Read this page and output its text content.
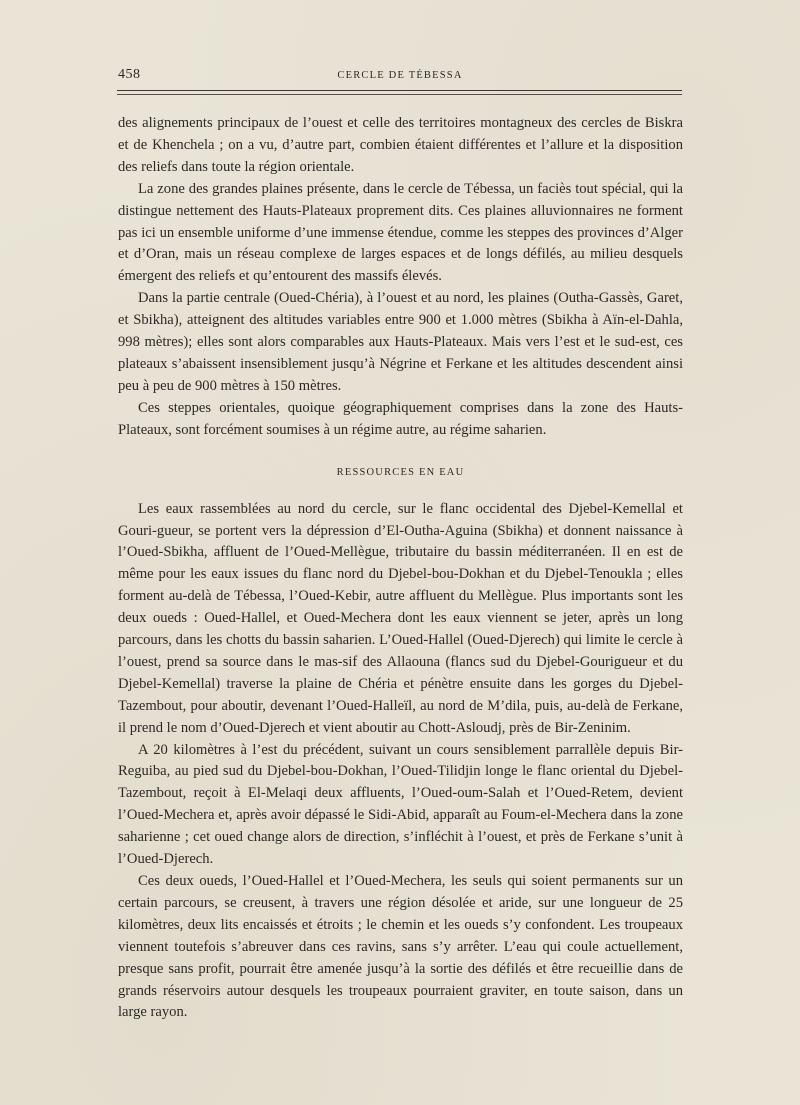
458	CERCLE DE TÉBESSA

des alignements principaux de l’ouest et celle des territoires montagneux des cercles de Biskra et de Khenchela ; on a vu, d’autre part, combien étaient différentes et l’allure et la disposition des reliefs dans toute la région orientale.

La zone des grandes plaines présente, dans le cercle de Tébessa, un faciès tout spécial, qui la distingue nettement des Hauts-Plateaux proprement dits. Ces plaines alluvionnaires ne forment pas ici un ensemble uniforme d’une immense étendue, comme les steppes des provinces d’Alger et d’Oran, mais un réseau complexe de larges espaces et de longs défilés, au milieu desquels émergent des reliefs et qu’entourent des massifs élevés.

Dans la partie centrale (Oued-Chéria), à l’ouest et au nord, les plaines (Outha-Gassès, Garet, et Sbikha), atteignent des altitudes variables entre 900 et 1.000 mètres (Sbikha à Aïn-el-Dahla, 998 mètres); elles sont alors comparables aux Hauts-Plateaux. Mais vers l’est et le sud-est, ces plateaux s’abaissent insensiblement jusqu’à Négrine et Ferkane et les altitudes descendent ainsi peu à peu de 900 mètres à 150 mètres.

Ces steppes orientales, quoique géographiquement comprises dans la zone des Hauts-Plateaux, sont forcément soumises à un régime autre, au régime saharien.

RESSOURCES EN EAU

Les eaux rassemblées au nord du cercle, sur le flanc occidental des Djebel-Kemellal et Gouri-gueur, se portent vers la dépression d’El-Outha-Aguina (Sbikha) et donnent naissance à l’Oued-Sbikha, affluent de l’Oued-Mellègue, tributaire du bassin méditerranéen. Il en est de même pour les eaux issues du flanc nord du Djebel-bou-Dokhan et du Djebel-Tenoukla ; elles forment au-delà de Tébessa, l’Oued-Kebir, autre affluent du Mellègue. Plus importants sont les deux oueds : Oued-Hallel, et Oued-Mechera dont les eaux viennent se jeter, après un long parcours, dans les chotts du bassin saharien. L’Oued-Hallel (Oued-Djerech) qui limite le cercle à l’ouest, prend sa source dans le mas-sif des Allaouna (flancs sud du Djebel-Gourigueur et du Djebel-Kemellal) traverse la plaine de Chéria et pénètre ensuite dans les gorges du Djebel-Tazembout, pour aboutir, devenant l’Oued-Halleïl, au nord de M’dila, puis, au-delà de Ferkane, il prend le nom d’Oued-Djerech et vient aboutir au Chott-Asloudj, près de Bir-Zeninim.

A 20 kilomètres à l’est du précédent, suivant un cours sensiblement parrallèle depuis Bir-Reguiba, au pied sud du Djebel-bou-Dokhan, l’Oued-Tilidjin longe le flanc oriental du Djebel-Tazembout, reçoit à El-Melaqi deux affluents, l’Oued-oum-Salah et l’Oued-Retem, devient l’Oued-Mechera et, après avoir dépassé le Sidi-Abid, apparaît au Foum-el-Mechera dans la zone saharienne ; cet oued change alors de direction, s’infléchit à l’ouest, et près de Ferkane s’unit à l’Oued-Djerech.

Ces deux oueds, l’Oued-Hallel et l’Oued-Mechera, les seuls qui soient permanents sur un certain parcours, se creusent, à travers une région désolée et aride, sur une longueur de 25 kilomètres, deux lits encaissés et étroits ; le chemin et les oueds s’y confondent. Les troupeaux viennent toutefois s’abreuver dans ces ravins, sans s’y arrêter. L’eau qui coule actuellement, presque sans profit, pourrait être amenée jusqu’à la sortie des défilés et être recueillie dans de grands réservoirs autour desquels les troupeaux pourraient graviter, en toute saison, dans un large rayon.
